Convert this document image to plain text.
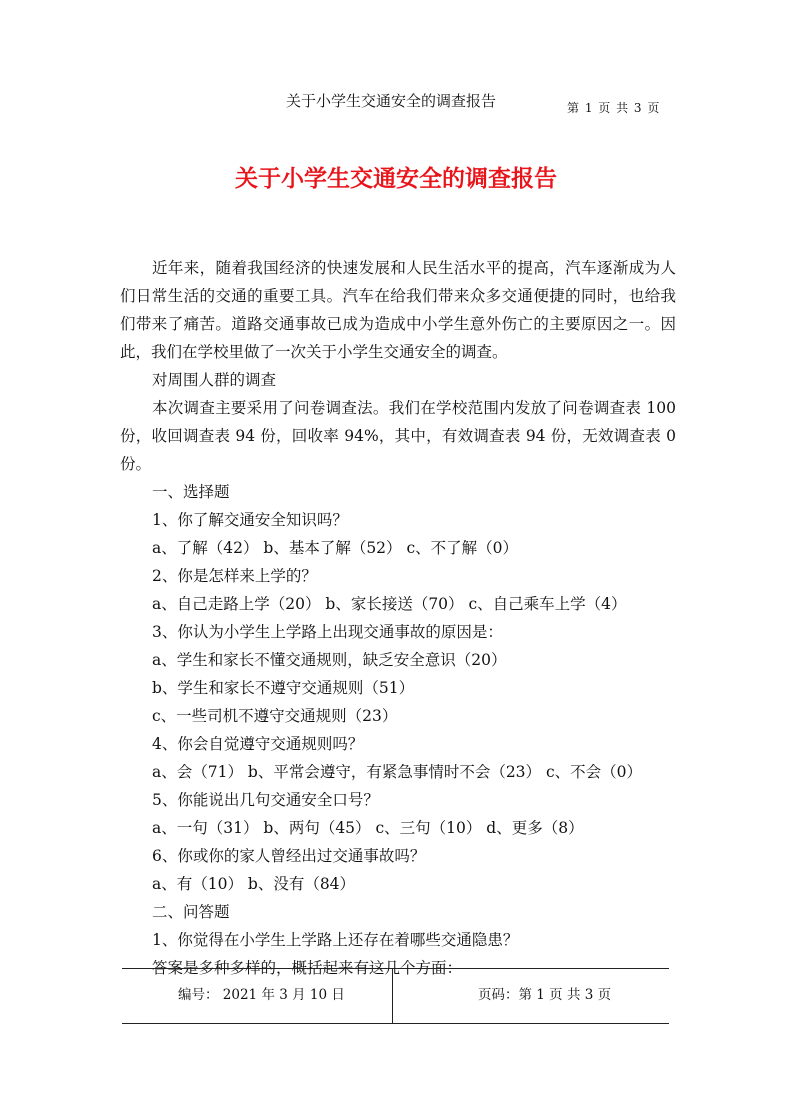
关于小学生交通安全的调查报告	第 1 页 共 3 页
关于小学生交通安全的调查报告

近年来，随着我国经济的快速发展和人民生活水平的提高，汽车逐渐成为人们日常生活的交通的重要工具。汽车在给我们带来众多交通便捷的同时，也给我们带来了痛苦。道路交通事故已成为造成中小学生意外伤亡的主要原因之一。因此，我们在学校里做了一次关于小学生交通安全的调查。

对周围人群的调查

本次调查主要采用了问卷调查法。我们在学校范围内发放了问卷调查表 100 份，收回调查表 94 份，回收率 94%，其中，有效调查表 94 份，无效调查表 0 份。

一、选择题
1、你了解交通安全知识吗？
a、了解（42） b、基本了解（52） c、不了解（0）
2、你是怎样来上学的？
a、自己走路上学（20） b、家长接送（70） c、自己乘车上学（4）
3、你认为小学生上学路上出现交通事故的原因是：
a、学生和家长不懂交通规则，缺乏安全意识（20）
b、学生和家长不遵守交通规则（51）
c、一些司机不遵守交通规则（23）
4、你会自觉遵守交通规则吗？
a、会（71） b、平常会遵守，有紧急事情时不会（23） c、不会（0）
5、你能说出几句交通安全口号？
a、一句（31） b、两句（45） c、三句（10） d、更多（8）
6、你或你的家人曾经出过交通事故吗？
a、有（10） b、没有（84）
二、问答题
1、你觉得在小学生上学路上还存在着哪些交通隐患？
答案是多种多样的，概括起来有这几个方面：
编号： 2021 年 3 月 10 日	页码：第 1 页 共 3 页
